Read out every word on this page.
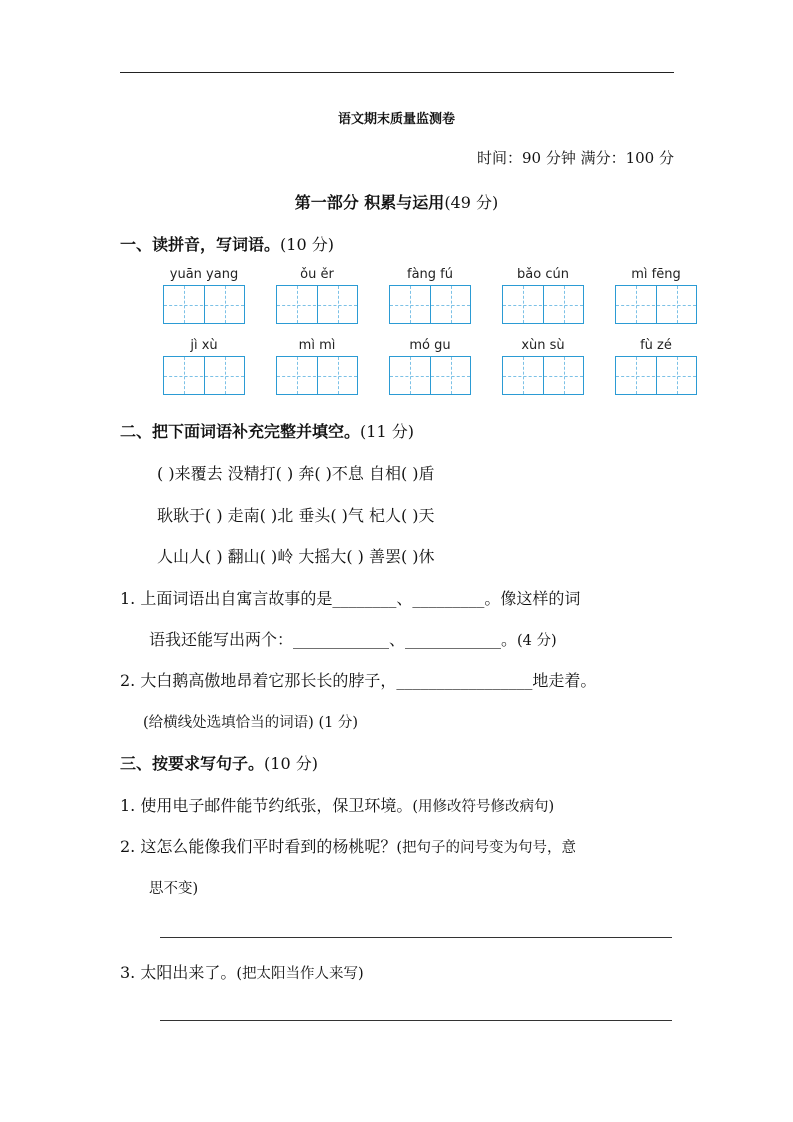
语文期末质量监测卷
时间：90 分钟 满分：100 分
第一部分 积累与运用(49 分)
一、读拼音，写词语。(10 分)
yuān yang	ǒu ěr	fàng fú	bǎo cún	mì fēng
jì xù	mì mì	mó gu	xùn sù	fù zé
二、把下面词语补充完整并填空。(11 分)
( )来覆去 没精打( ) 奔( )不息 自相( )盾
耿耿于( ) 走南( )北 垂头( )气 杞人( )天
人山人( ) 翻山( )岭 大摇大( ) 善罢( )休
1. 上面词语出自寓言故事的是________、_________。像这样的词
语我还能写出两个：____________、____________。(4 分)
2. 大白鹅高傲地昂着它那长长的脖子，_________________地走着。
(给横线处选填恰当的词语) (1 分)
三、按要求写句子。(10 分)
1. 使用电子邮件能节约纸张，保卫环境。(用修改符号修改病句)
2. 这怎么能像我们平时看到的杨桃呢？(把句子的问号变为句号，意
思不变)
3. 太阳出来了。(把太阳当作人来写)
